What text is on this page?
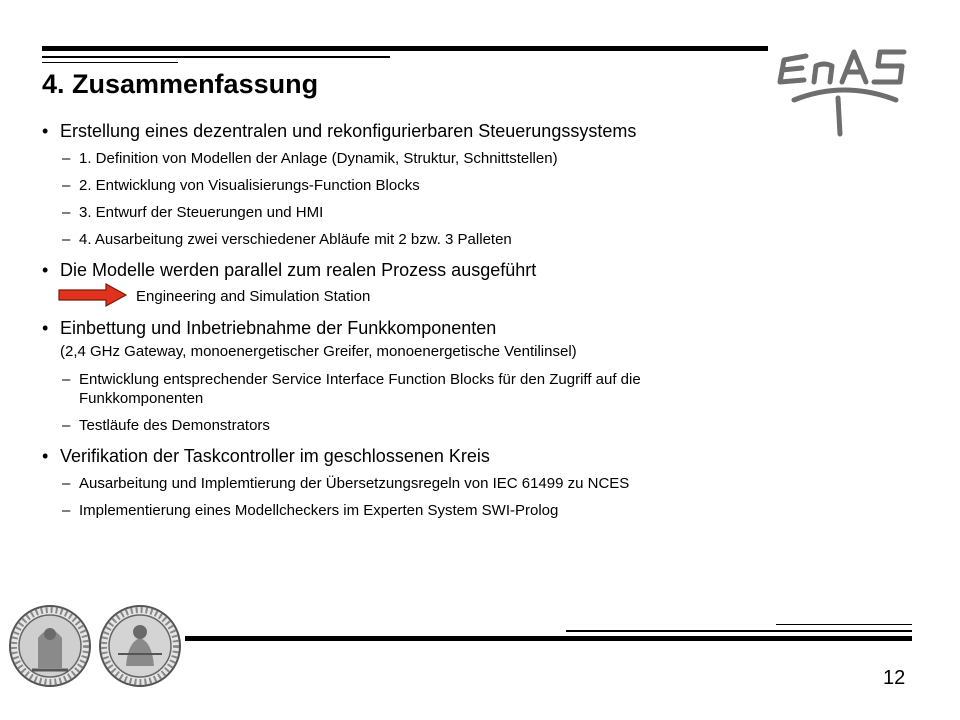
4. Zusammenfassung
• Erstellung eines dezentralen und rekonfigurierbaren Steuerungssystems
– 1. Definition von Modellen der Anlage (Dynamik, Struktur, Schnittstellen)
– 2. Entwicklung von Visualisierungs-Function Blocks
– 3. Entwurf der Steuerungen und HMI
– 4. Ausarbeitung zwei verschiedener Abläufe mit 2 bzw. 3 Palleten
• Die Modelle werden parallel zum realen Prozess ausgeführt
Engineering and Simulation Station
• Einbettung und Inbetriebnahme der Funkkomponenten
(2,4 GHz Gateway, monoenergetischer Greifer, monoenergetische Ventilinsel)
– Entwicklung entsprechender Service Interface Function Blocks für den Zugriff auf die
Funkkomponenten
– Testläufe des Demonstrators
• Verifikation der Taskcontroller im geschlossenen Kreis
– Ausarbeitung und Implemtierung der Übersetzungsregeln von IEC 61499 zu NCES
– Implementierung eines Modellcheckers im Experten System SWI-Prolog
12
